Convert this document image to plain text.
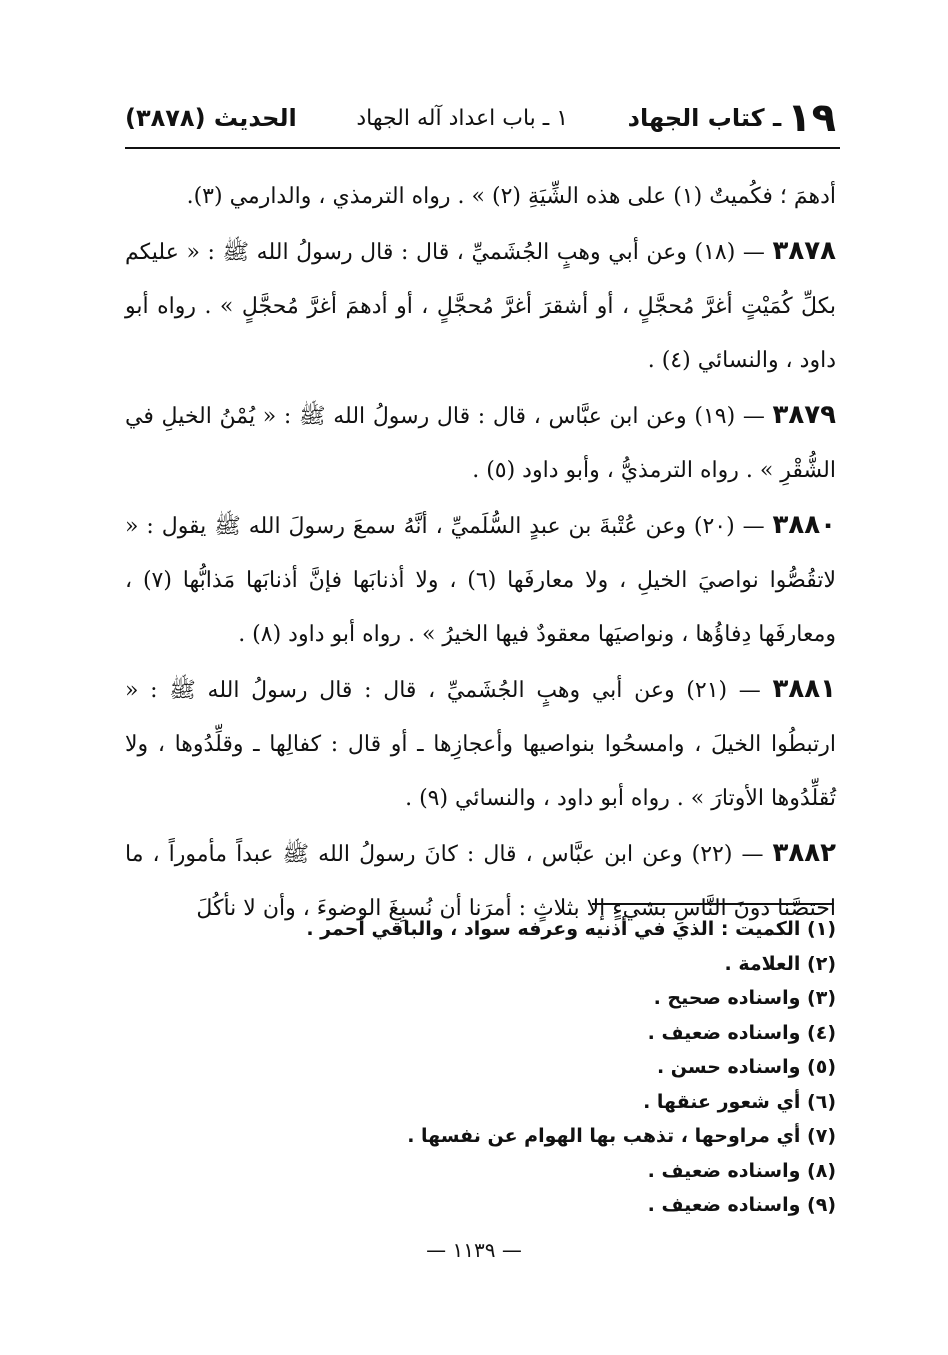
١٩
ـ كتاب الجهاد
١ ـ باب اعداد آله الجهاد
الحديث (٣٨٧٨)

أدهمَ ؛ فكُميتٌ (١) على هذه الشِّيَةِ (٢) » . رواه الترمذي ، والدارمي (٣).

٣٨٧٨ — (١٨) وعن أبي وهبٍ الجُشَميِّ ، قال : قال رسولُ الله ﷺ : « عليكم بكلِّ كُمَيْتٍ أغرَّ مُحجَّلٍ ، أو أشقرَ أغرَّ مُحجَّلٍ ، أو أدهمَ أغرَّ مُحجَّلٍ » . رواه أبو داود ، والنسائي (٤) .

٣٨٧٩ — (١٩) وعن ابن عبَّاس ، قال : قال رسولُ الله ﷺ : « يُمْنُ الخيلِ في الشُّقْرِ » . رواه الترمذيُّ ، وأبو داود (٥) .

٣٨٨٠ — (٢٠) وعن عُتْبةَ بن عبدٍ السُّلَميِّ ، أنَّهُ سمعَ رسولَ الله ﷺ يقول : « لاتقُصُّوا نواصيَ الخيلِ ، ولا معارفَها (٦) ، ولا أذنابَها فإنَّ أذنابَها مَذابُّها (٧) ، ومعارفَها دِفاؤُها ، ونواصيَها معقودٌ فيها الخيرُ » . رواه أبو داود (٨) .

٣٨٨١ — (٢١) وعن أبي وهبٍ الجُشَميِّ ، قال : قال رسولُ الله ﷺ : « ارتبطُوا الخيلَ ، وامسحُوا بنواصيها وأعجازِها ـ أو قال : كفالِها ـ وقلِّدُوها ، ولا تُقلِّدُوها الأوتارَ » . رواه أبو داود ، والنسائي (٩) .

٣٨٨٢ — (٢٢) وعن ابن عبَّاس ، قال : كانَ رسولُ الله ﷺ عبداً مأموراً ، ما اختصَّنا دونَ النَّاسِ بشيءٍ إلا بثلاثٍ : أمرَنا أن نُسبِغَ الوضوءَ ، وأن لا نأكُلَ

(١) الكميت : الذي في أذنيه وعرفه سواد ، والباقي أحمر .
(٢) العلامة .
(٣) واسناده صحيح .
(٤) واسناده ضعيف .
(٥) واسناده حسن .
(٦) أي شعور عنقها .
(٧) أي مراوحها ، تذهب بها الهوام عن نفسها .
(٨) واسناده ضعيف .
(٩) واسناده ضعيف .
— ١١٣٩ —
